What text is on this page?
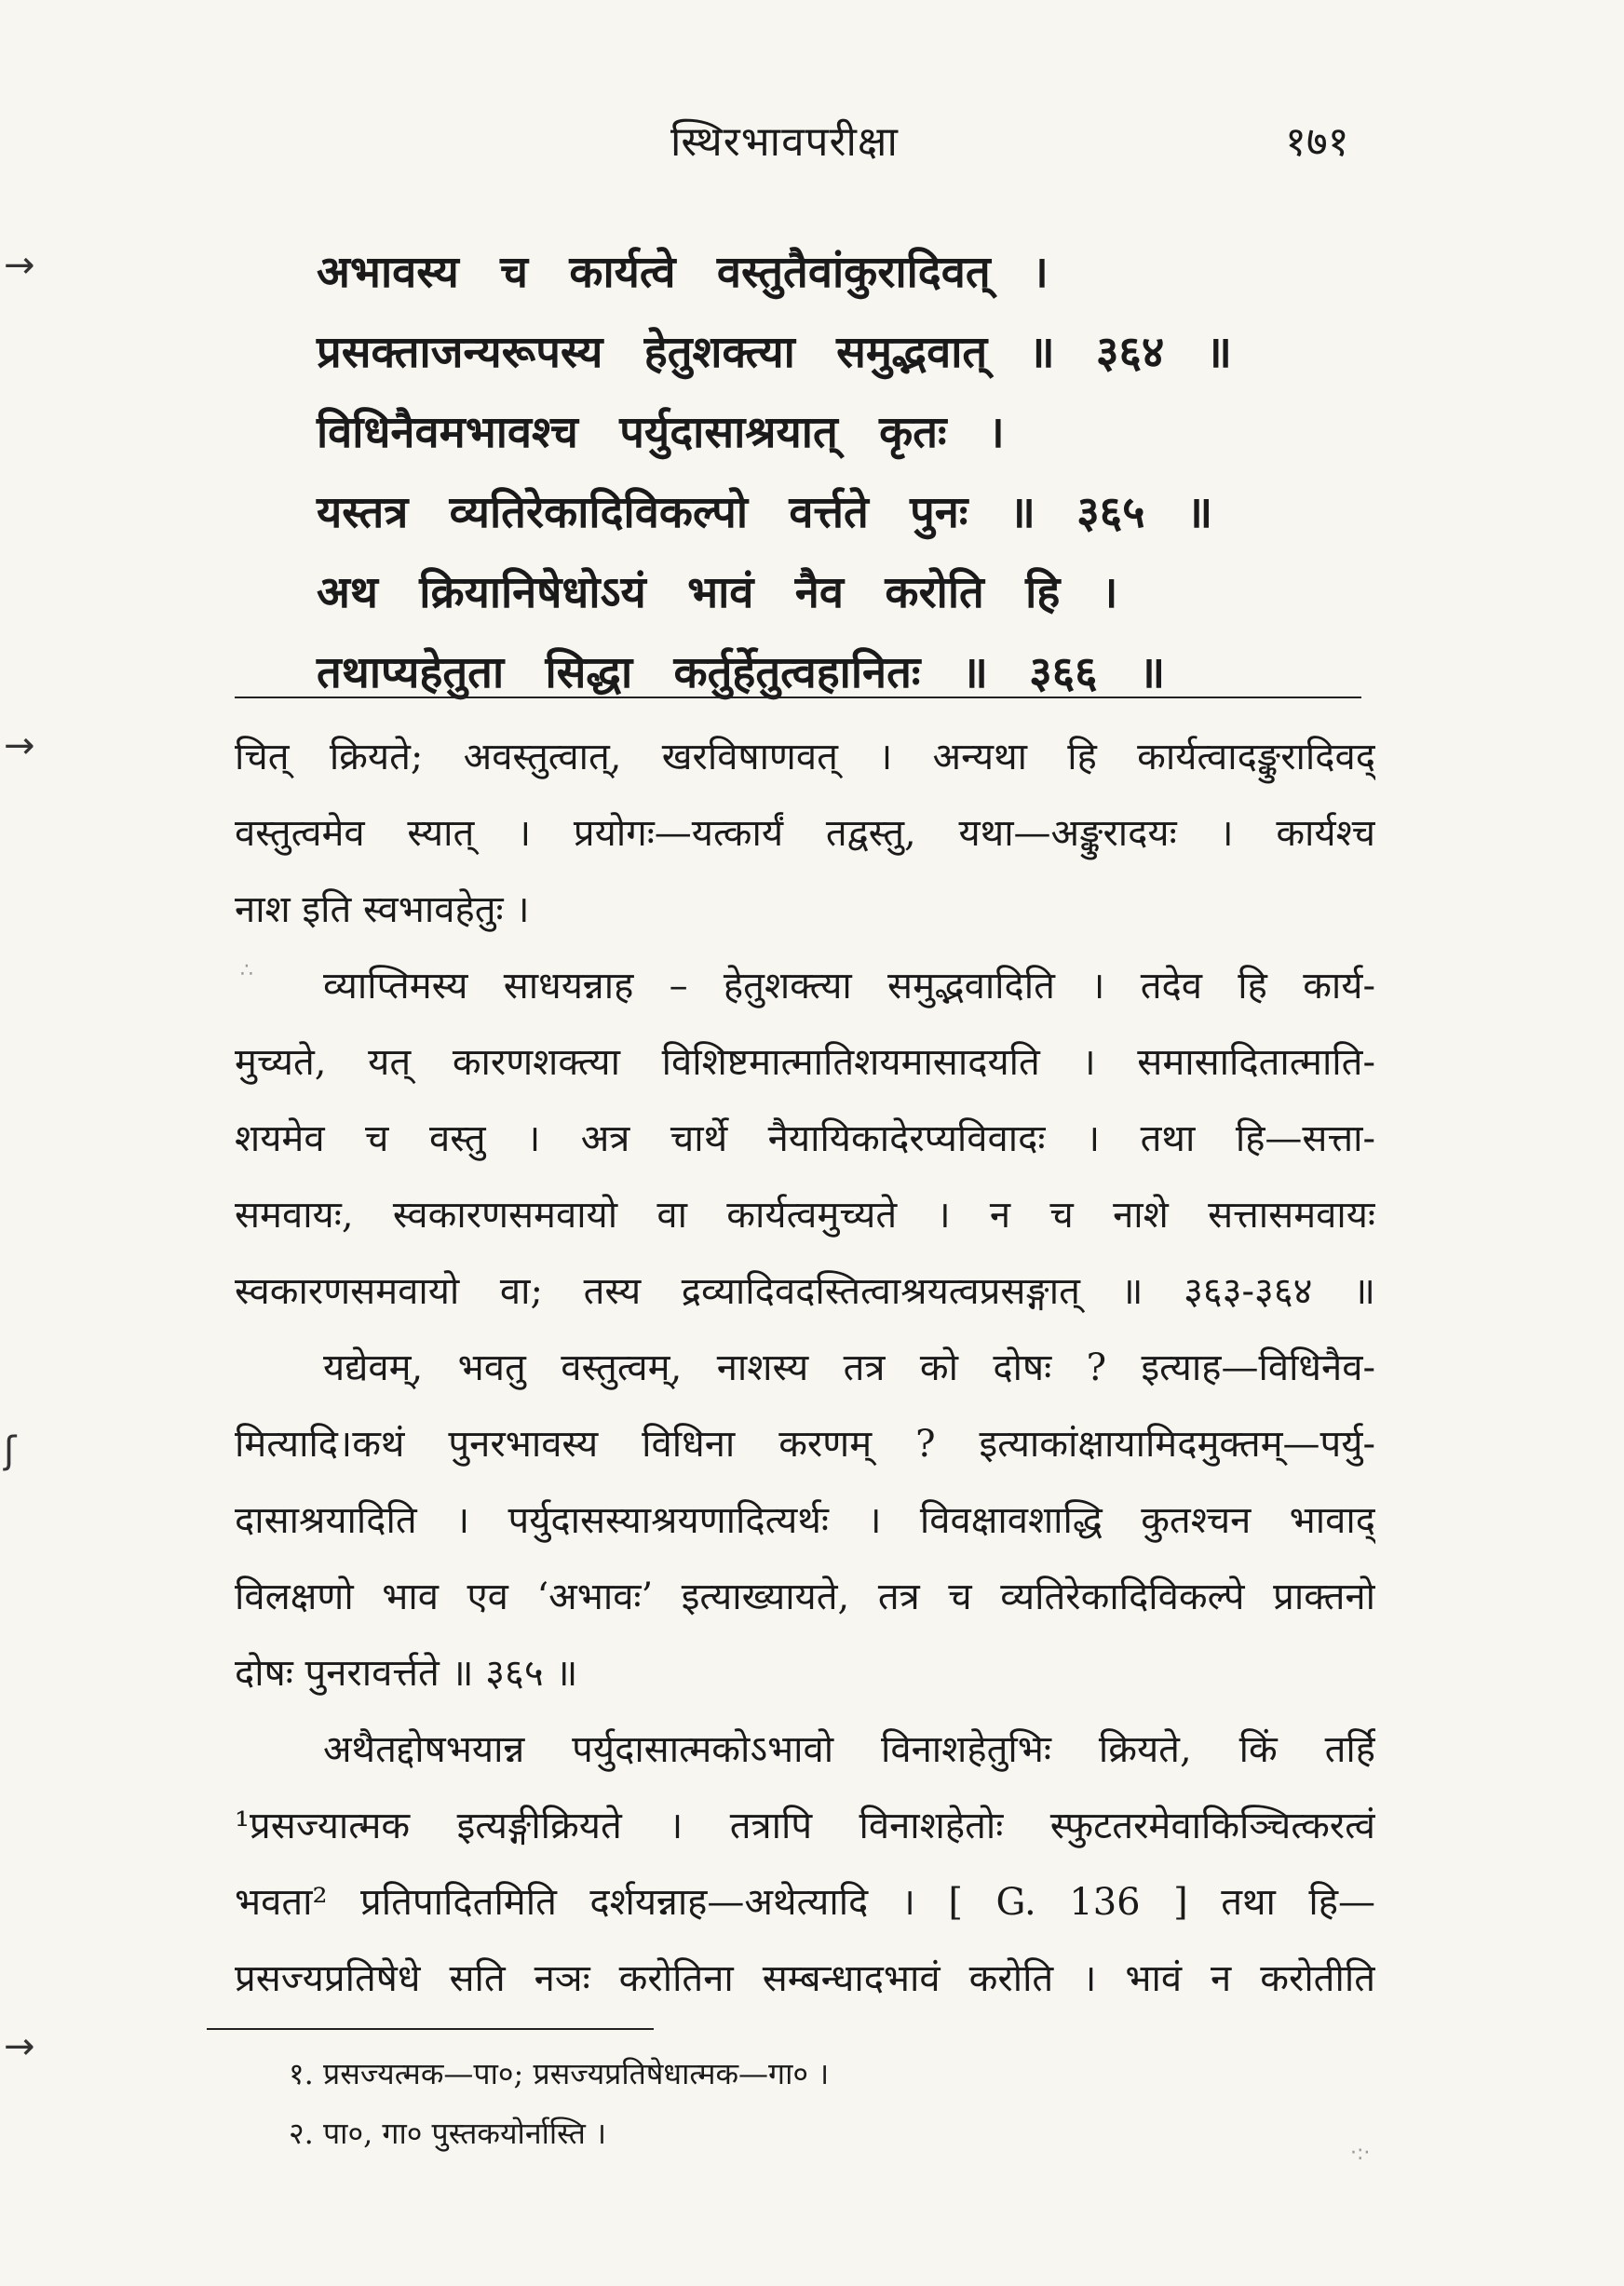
→
→
ʃ
→
स्थिरभावपरीक्षा	१७१
अभावस्य च कार्यत्वे वस्तुतैवांकुरादिवत् ।
प्रसक्ताजन्यरूपस्य हेतुशक्त्या समुद्भवात् ॥ ३६४ ॥
विधिनैवमभावश्च पर्युदासाश्रयात् कृतः ।
यस्तत्र व्यतिरेकादिविकल्पो वर्त्तते पुनः ॥ ३६५ ॥
अथ क्रियानिषेधोऽयं भावं नैव करोति हि ।
तथाप्यहेतुता सिद्धा कर्तुर्हेतुत्वहानितः ॥ ३६६ ॥

चित् क्रियते; अवस्तुत्वात्, खरविषाणवत् । अन्यथा हि कार्यत्वादङ्कुरादिवद्
वस्तुत्वमेव स्यात् । प्रयोगः—यत्कार्यं तद्वस्तु, यथा—अङ्कुरादयः । कार्यश्च
नाश इति स्वभावहेतुः ।

व्याप्तिमस्य साधयन्नाह – हेतुशक्त्या समुद्भवादिति । तदेव हि कार्य-
मुच्यते, यत् कारणशक्त्या विशिष्टमात्मातिशयमासादयति । समासादितात्माति-
शयमेव च वस्तु । अत्र चार्थे नैयायिकादेरप्यविवादः । तथा हि—सत्ता-
समवायः, स्वकारणसमवायो वा कार्यत्वमुच्यते । न च नाशे सत्तासमवायः
स्वकारणसमवायो वा; तस्य द्रव्यादिवदस्तित्वाश्रयत्वप्रसङ्गात् ॥ ३६३-३६४ ॥

यद्येवम्, भवतु वस्तुत्वम्, नाशस्य तत्र को दोषः ? इत्याह—विधिनैव-
मित्यादि।कथं पुनरभावस्य विधिना करणम् ? इत्याकांक्षायामिदमुक्तम्—पर्यु-
दासाश्रयादिति । पर्युदासस्याश्रयणादित्यर्थः । विवक्षावशाद्धि कुतश्चन भावाद्
विलक्षणो भाव एव ‘अभावः’ इत्याख्यायते, तत्र च व्यतिरेकादिविकल्पे प्राक्तनो
दोषः पुनरावर्त्तते ॥ ३६५ ॥

अथैतद्दोषभयान्न पर्युदासात्मकोऽभावो विनाशहेतुभिः क्रियते, किं तर्हि
¹प्रसज्यात्मक इत्यङ्गीक्रियते । तत्रापि विनाशहेतोः स्फुटतरमेवाकिञ्चित्करत्वं
भवता² प्रतिपादितमिति दर्शयन्नाह—अथेत्यादि । [ G. 136 ] तथा हि—
प्रसज्यप्रतिषेधे सति नञः करोतिना सम्बन्धादभावं करोति । भावं न करोतीति

१. प्रसज्यत्मक—पा०; प्रसज्यप्रतिषेधात्मक—गा० ।
२. पा०, गा० पुस्तकयोर्नास्ति ।
·:·
∴
